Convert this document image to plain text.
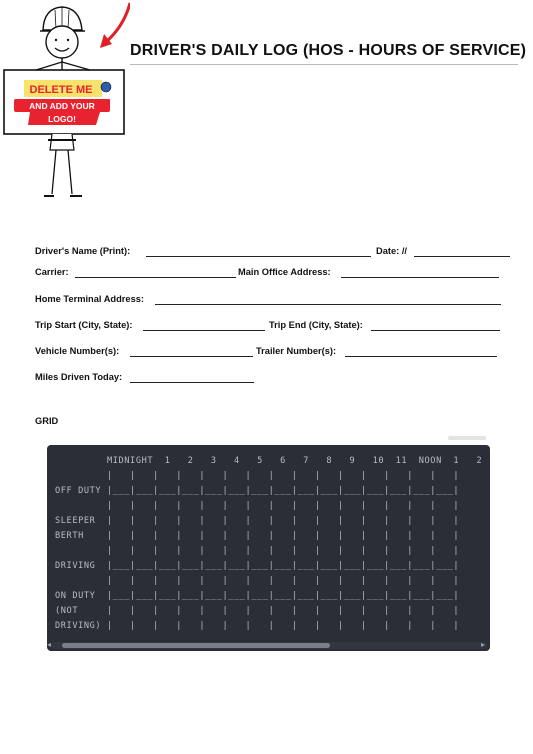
DELETE ME
AND ADD YOUR
LOGO!
DRIVER'S DAILY LOG (HOS - HOURS OF SERVICE)
Driver's Name (Print):	Date: //
Carrier:	Main Office Address:
Home Terminal Address:
Trip Start (City, State):	Trip End (City, State):
Vehicle Number(s):	Trailer Number(s):
Miles Driven Today:
GRID
MIDNIGHT  1   2   3   4   5   6   7   8   9   10  11  NOON  1   2
|   |   |   |   |   |   |   |   |   |   |   |   |   |   |   |
OFF DUTY |___|___|___|___|___|___|___|___|___|___|___|___|___|___|___|
|   |   |   |   |   |   |   |   |   |   |   |   |   |   |   |
SLEEPER  |   |   |   |   |   |   |   |   |   |   |   |   |   |   |   |
BERTH    |   |   |   |   |   |   |   |   |   |   |   |   |   |   |   |
|   |   |   |   |   |   |   |   |   |   |   |   |   |   |   |
DRIVING  |___|___|___|___|___|___|___|___|___|___|___|___|___|___|___|
|   |   |   |   |   |   |   |   |   |   |   |   |   |   |   |
ON DUTY  |___|___|___|___|___|___|___|___|___|___|___|___|___|___|___|
(NOT     |   |   |   |   |   |   |   |   |   |   |   |   |   |   |   |
DRIVING) |   |   |   |   |   |   |   |   |   |   |   |   |   |   |   |
◂	▸
